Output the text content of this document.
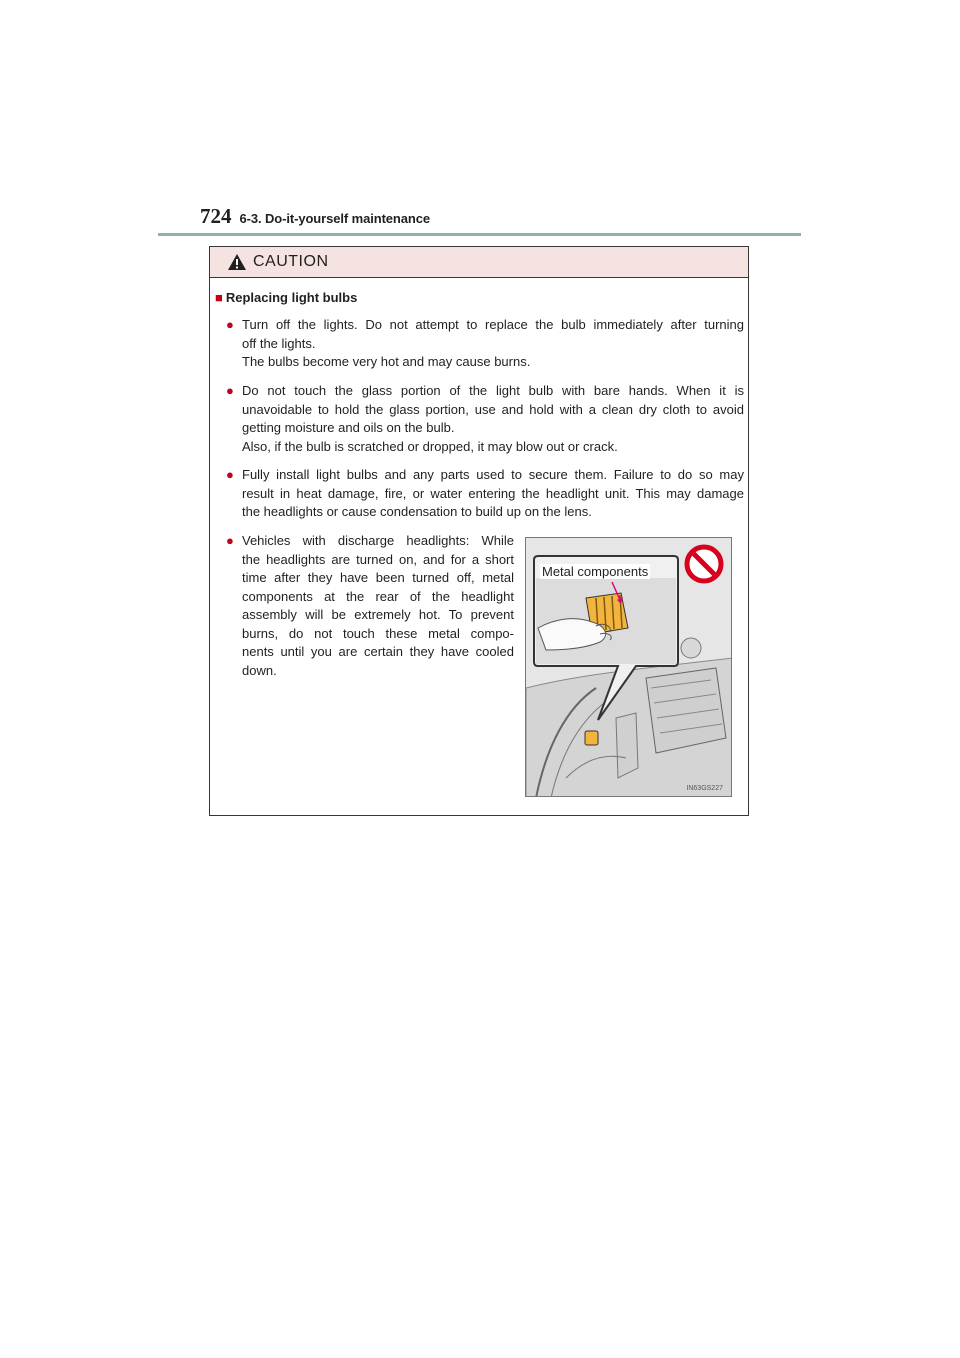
724 6-3. Do-it-yourself maintenance
CAUTION
■ Replacing light bulbs
● Turn off the lights. Do not attempt to replace the bulb immediately after turning

off the lights.

The bulbs become very hot and may cause burns.

● Do not touch the glass portion of the light bulb with bare hands. When it is

unavoidable to hold the glass portion, use and hold with a clean dry cloth to avoid

getting moisture and oils on the bulb.

Also, if the bulb is scratched or dropped, it may blow out or crack.

● Fully install light bulbs and any parts used to secure them. Failure to do so may

result in heat damage, fire, or water entering the headlight unit. This may damage

the headlights or cause condensation to build up on the lens.

● Vehicles with discharge headlights: While

the headlights are turned on, and for a short

time after they have been turned off, metal

components at the rear of the headlight

assembly will be extremely hot. To prevent

burns, do not touch these metal compo-

nents until you are certain they have cooled

down.

IN63GS227
Metal components
